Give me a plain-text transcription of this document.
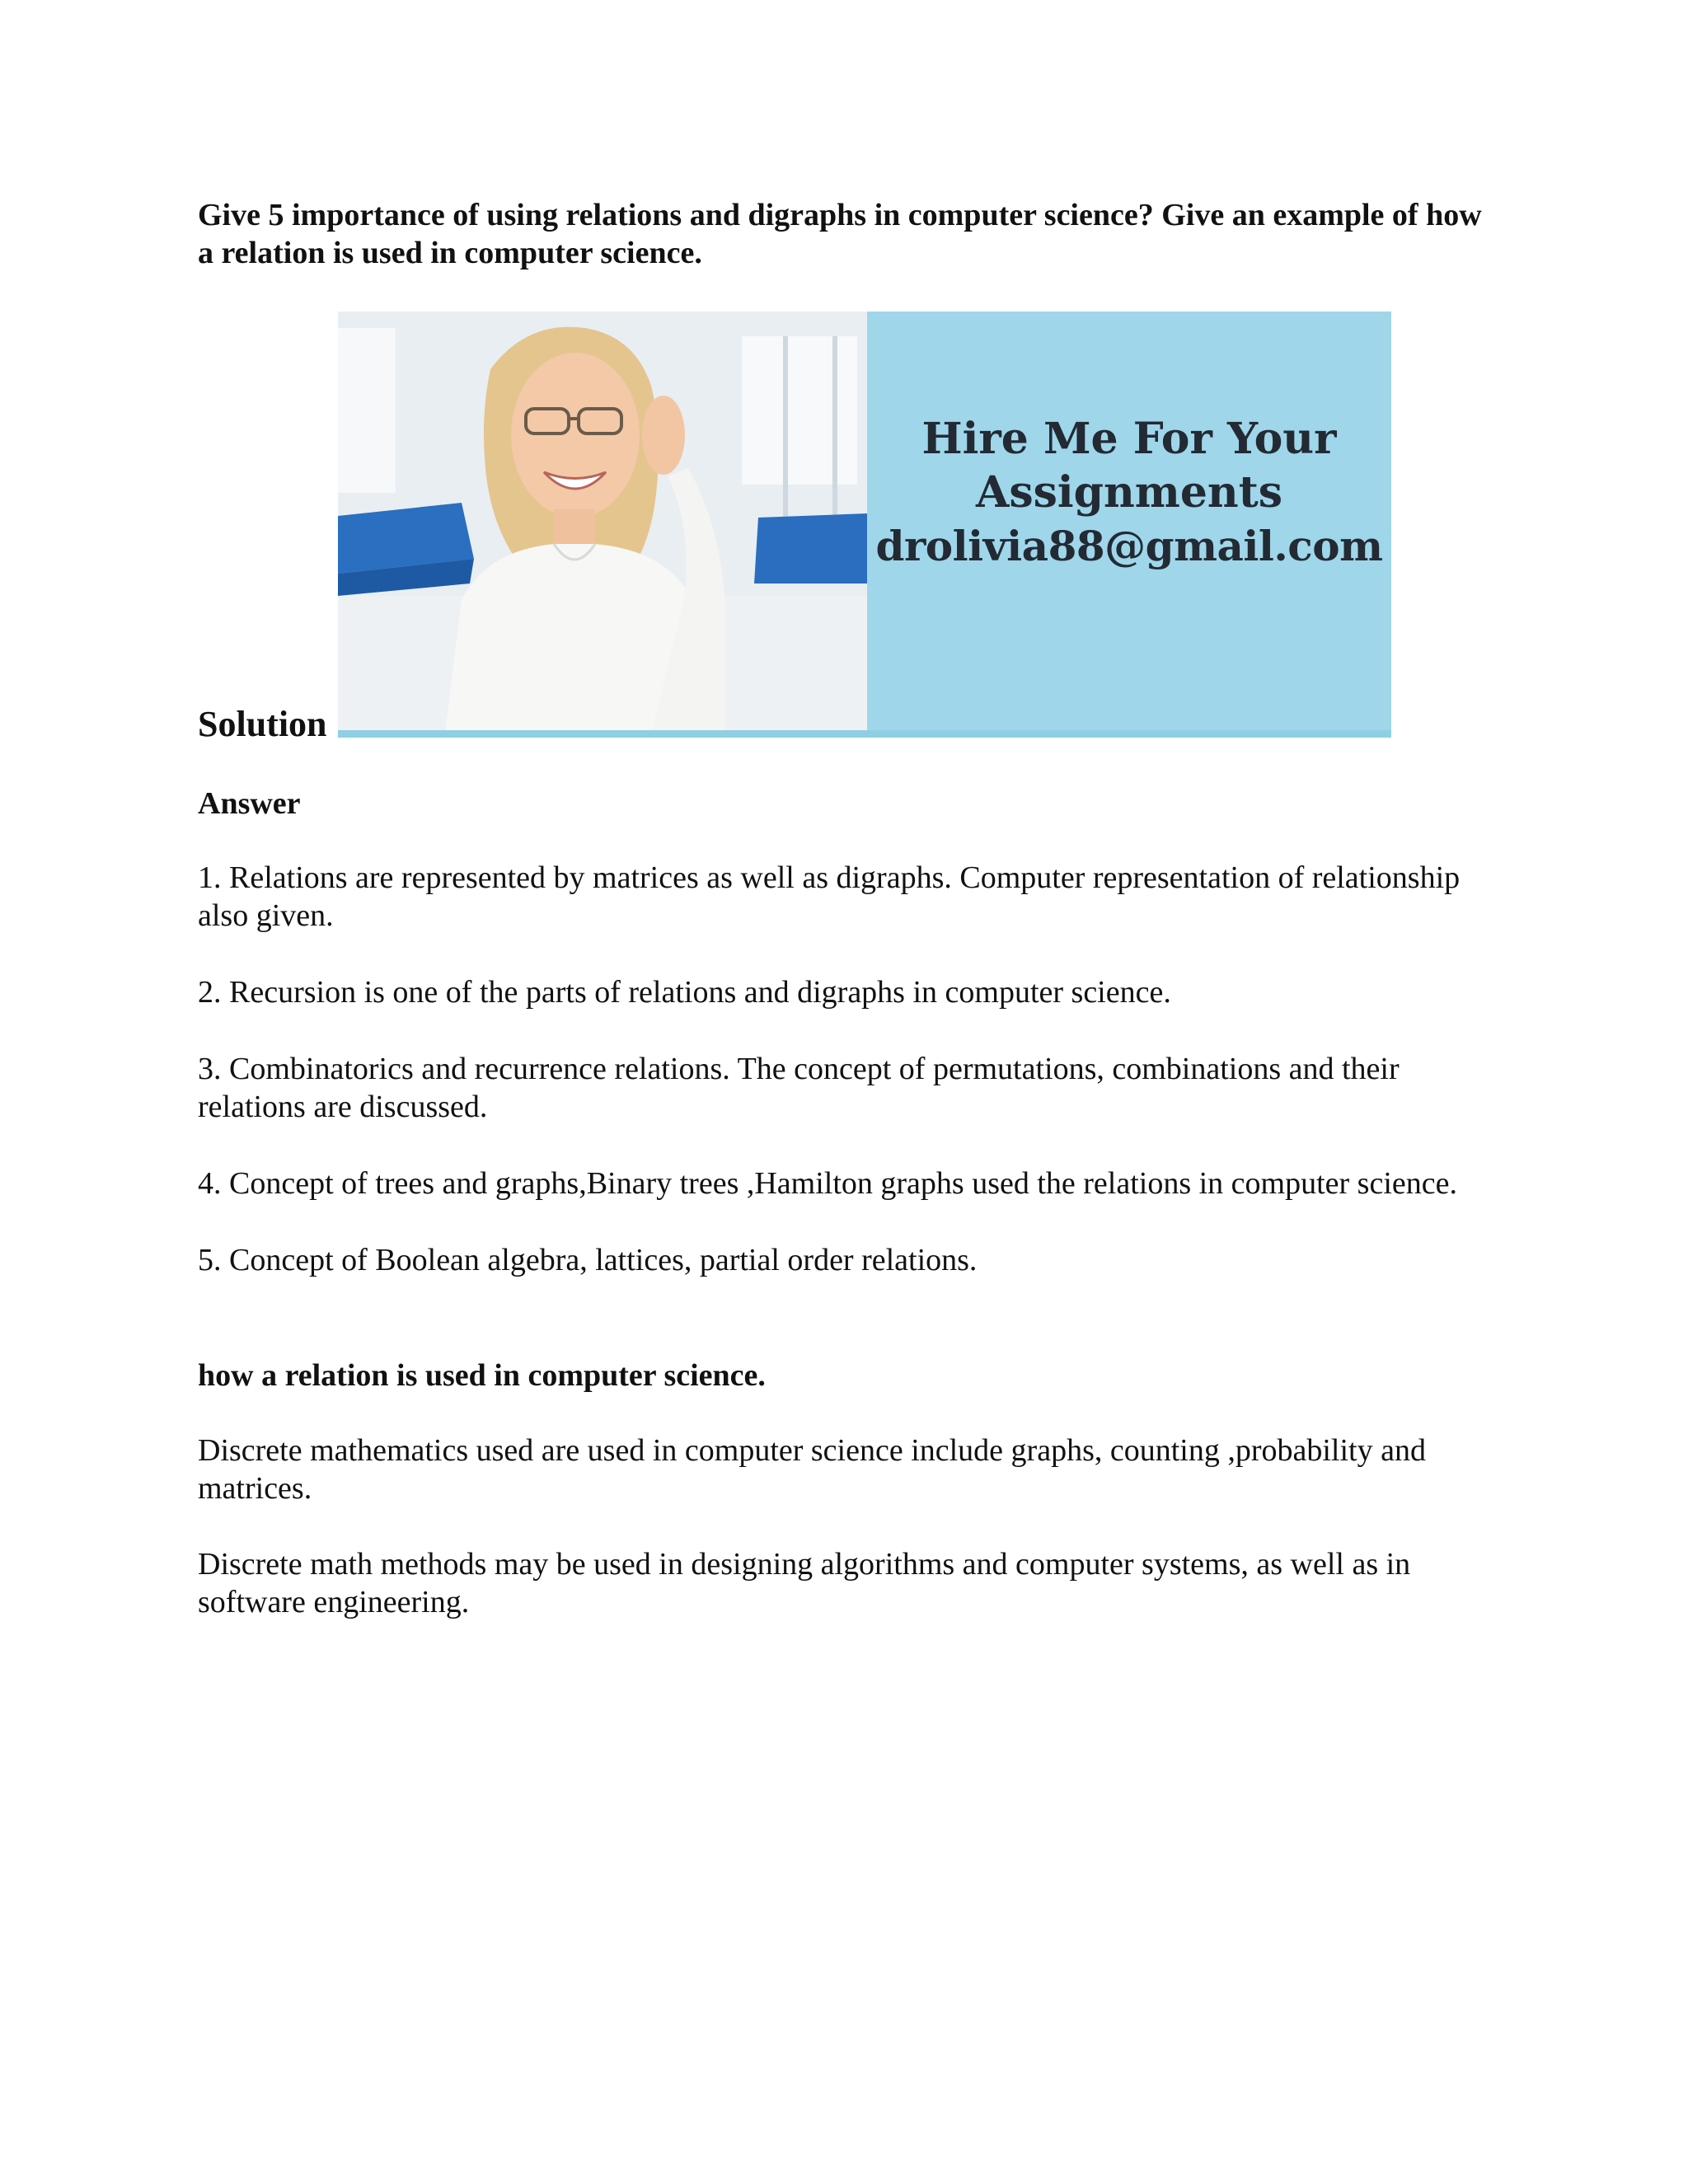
Give 5 importance of using relations and digraphs in computer science? Give an example of how a relation is used in computer science.

Hire Me For Your
Assignments
drolivia88@gmail.com
Solution
Answer
1. Relations are represented by matrices as well as digraphs. Computer representation of relationship also given.
2. Recursion is one of the parts of relations and digraphs in computer science.
3. Combinatorics and recurrence relations. The concept of permutations, combinations and their relations are discussed.
4. Concept of trees and graphs,Binary trees ,Hamilton graphs used the relations in computer science.
5. Concept of Boolean algebra, lattices, partial order relations.
how a relation is used in computer science.

Discrete mathematics used are used in computer science include graphs, counting ,probability and matrices.

Discrete math methods may be used in designing algorithms and computer systems, as well as in software engineering.
